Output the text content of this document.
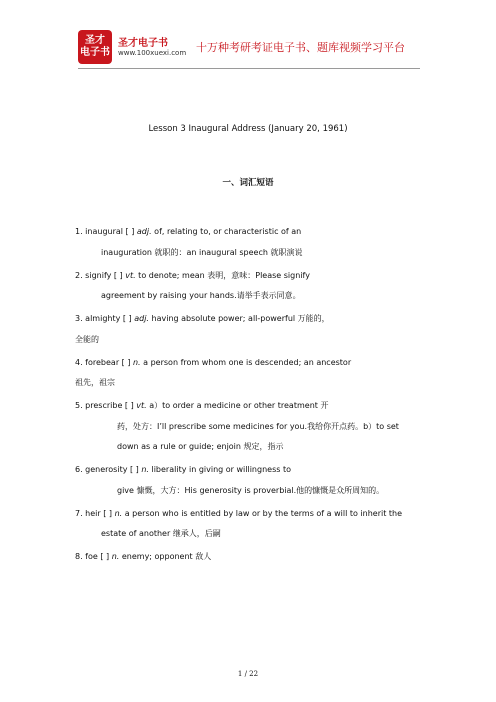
圣才
电子书
圣才电子书
www.100xuexi.com 十万种考研考证电子书、题库视频学习平台
Lesson 3 Inaugural Address (January 20, 1961)
一、词汇短语

1. inaugural [ ] adj. of, relating to, or characteristic of an
inauguration 就职的：an inaugural speech 就职演说

2. signify [ ] vt. to denote; mean 表明，意味：Please signify
agreement by raising your hands.请举手表示同意。

3. almighty [ ] adj. having absolute power; all-powerful 万能的，
全能的

4. forebear [ ] n. a person from whom one is descended; an ancestor
祖先，祖宗

5. prescribe [ ] vt. a）to order a medicine or other treatment 开
药，处方：I’ll prescribe some medicines for you.我给你开点药。b）to set down as a rule or guide; enjoin 规定，指示

6. generosity [ ] n. liberality in giving or willingness to
give 慷慨，大方：His generosity is proverbial.他的慷慨是众所周知的。

7. heir [ ] n. a person who is entitled by law or by the terms of a will to inherit the
estate of another 继承人，后嗣

8. foe [ ] n. enemy; opponent 敌人

1 / 22
